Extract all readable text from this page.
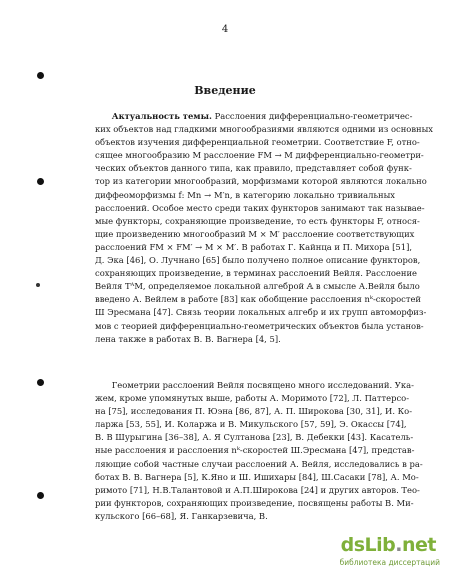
4
Введение
  Актуальность темы. Расслоения дифференциально-геометричес-
ких объектов над гладкими многообразиями являются одними из основных
объектов изучения дифференциальной геометрии. Соответствие F, отно-
сящее многообразию M расслоение FM → M дифференциально-геометри-
ческих объектов данного типа, как правило, представляет собой функ-
тор из категории многообразий, морфизмами которой являются локально
диффеоморфизмы f: Mn → M′n, в категорию локально тривиальных
расслоений. Особое место среди таких функторов занимают так называе-
мые функторы, сохраняющие произведение, то есть функторы F, относя-
щие произведению многообразий M × M′ расслоение соответствующих
расслоений FM × FM′ → M × M′. В работах Г. Кайнца и П. Михора [51],
Д. Эка [46], О. Лучнано [65] было получено полное описание функторов,
сохраняющих произведение, в терминах расслоений Вейля. Расслоение
Вейля TᴬM, определяемое локальной алгеброй 𝔸 в смысле А.Вейля было
введено А. Вейлем в работе [83] как обобщение расслоения nᵏ-скоростей
Ш Эресмана [47]. Связь теории локальных алгебр и их групп автоморфиз-
мов с теорией дифференциально-геометрических объектов была установ-
лена также в работах В. В. Вагнера [4, 5].
  Геометрии расслоений Вейля посвящено много исследований. Ука-
жем, кроме упомянутых выше, работы А. Моримото [72], Л. Паттерсо-
на [75], исследования П. Юэна [86, 87], А. П. Широкова [30, 31], И. Ко-
ларжа [53, 55], И. Коларжа и В. Микульского [57, 59], Э. Окассы [74],
В. В Шурыгина [36–38], А. Я Султанова [23], В. Дебекки [43]. Касатель-
ные расслоения и расслоения nᵏ-скоростей Ш.Эресмана [47], представ-
ляющие собой частные случаи расслоений А. Вейля, исследовались в ра-
ботах В. В. Вагнера [5], К.Яно и Ш. Ишихары [84], Ш.Сасаки [78], А. Мо-
римото [71], Н.В.Талантовой и А.П.Широкова [24] и других авторов. Тео-
рии функторов, сохраняющих произведение, посвящены работы В. Ми-
кульского [66–68], Я. Ганкарзевича, В.
dsLib.net
библиотека диссертаций
